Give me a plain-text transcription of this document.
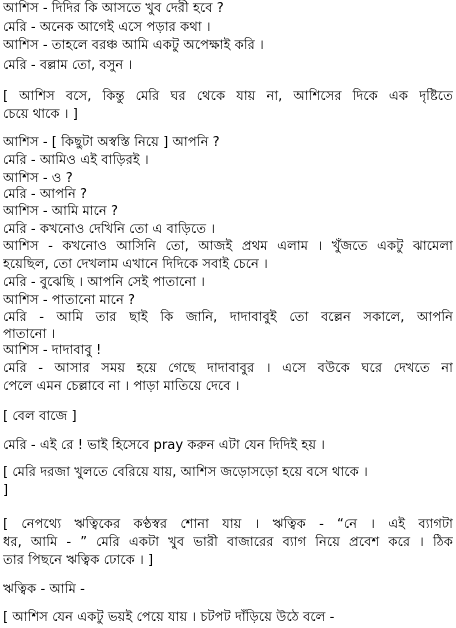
আশিস - দিদির কি আসতে খুব দেরী হবে ?
মেরি - অনেক আগেই এসে পড়ার কথা ।
আশিস - তাহলে বরঞ্চ আমি একটু অপেক্ষাই করি ।
মেরি - বল্লাম তো, বসুন ।
[ আশিস বসে, কিন্তু মেরি ঘর থেকে যায় না, আশিসের দিকে এক দৃষ্টিতে
চেয়ে থাকে । ]
আশিস - [ কিছুটা অস্বস্তি নিয়ে ] আপনি ?
মেরি - আমিও এই বাড়িরই ।
আশিস - ও ?
মেরি - আপনি ?
আশিস - আমি মানে ?
মেরি - কখনোও দেখিনি তো এ বাড়িতে ।
আশিস - কখনোও আসিনি তো, আজই প্রথম এলাম । খুঁজতে একটু ঝামেলা
হয়েছিল, তো দেখলাম এখানে দিদিকে সবাই চেনে ।
মেরি - বুঝেছি । আপনি সেই পাতানো ।
আশিস - পাতানো মানে ?
মেরি - আমি তার ছাই কি জানি, দাদাবাবুই তো বল্লেন সকালে, আপনি
পাতানো ।
আশিস - দাদাবাবু !
মেরি - আসার সময় হয়ে গেছে দাদাবাবুর । এসে বউকে ঘরে দেখতে না
পেলে এমন চেল্লাবে না । পাড়া মাতিয়ে দেবে ।
[ বেল বাজে ]
মেরি - এই রে ! ভাই হিসেবে pray করুন এটা যেন দিদিই হয় ।
[ মেরি দরজা খুলতে বেরিয়ে যায়, আশিস জড়োসড়ো হয়ে বসে থাকে ।
]
[ নেপথ্যে ঋত্বিকের কণ্ঠস্বর শোনা যায় । ঋত্বিক - “নে । এই ব্যাগটা
ধর, আমি - ” মেরি একটা খুব ভারী বাজারের ব্যাগ নিয়ে প্রবেশ করে । ঠিক
তার পিছনে ঋত্বিক ঢোকে । ]
ঋত্বিক - আমি -
[ আশিস যেন একটু ভয়ই পেয়ে যায় । চটপট দাঁড়িয়ে উঠে বলে -
